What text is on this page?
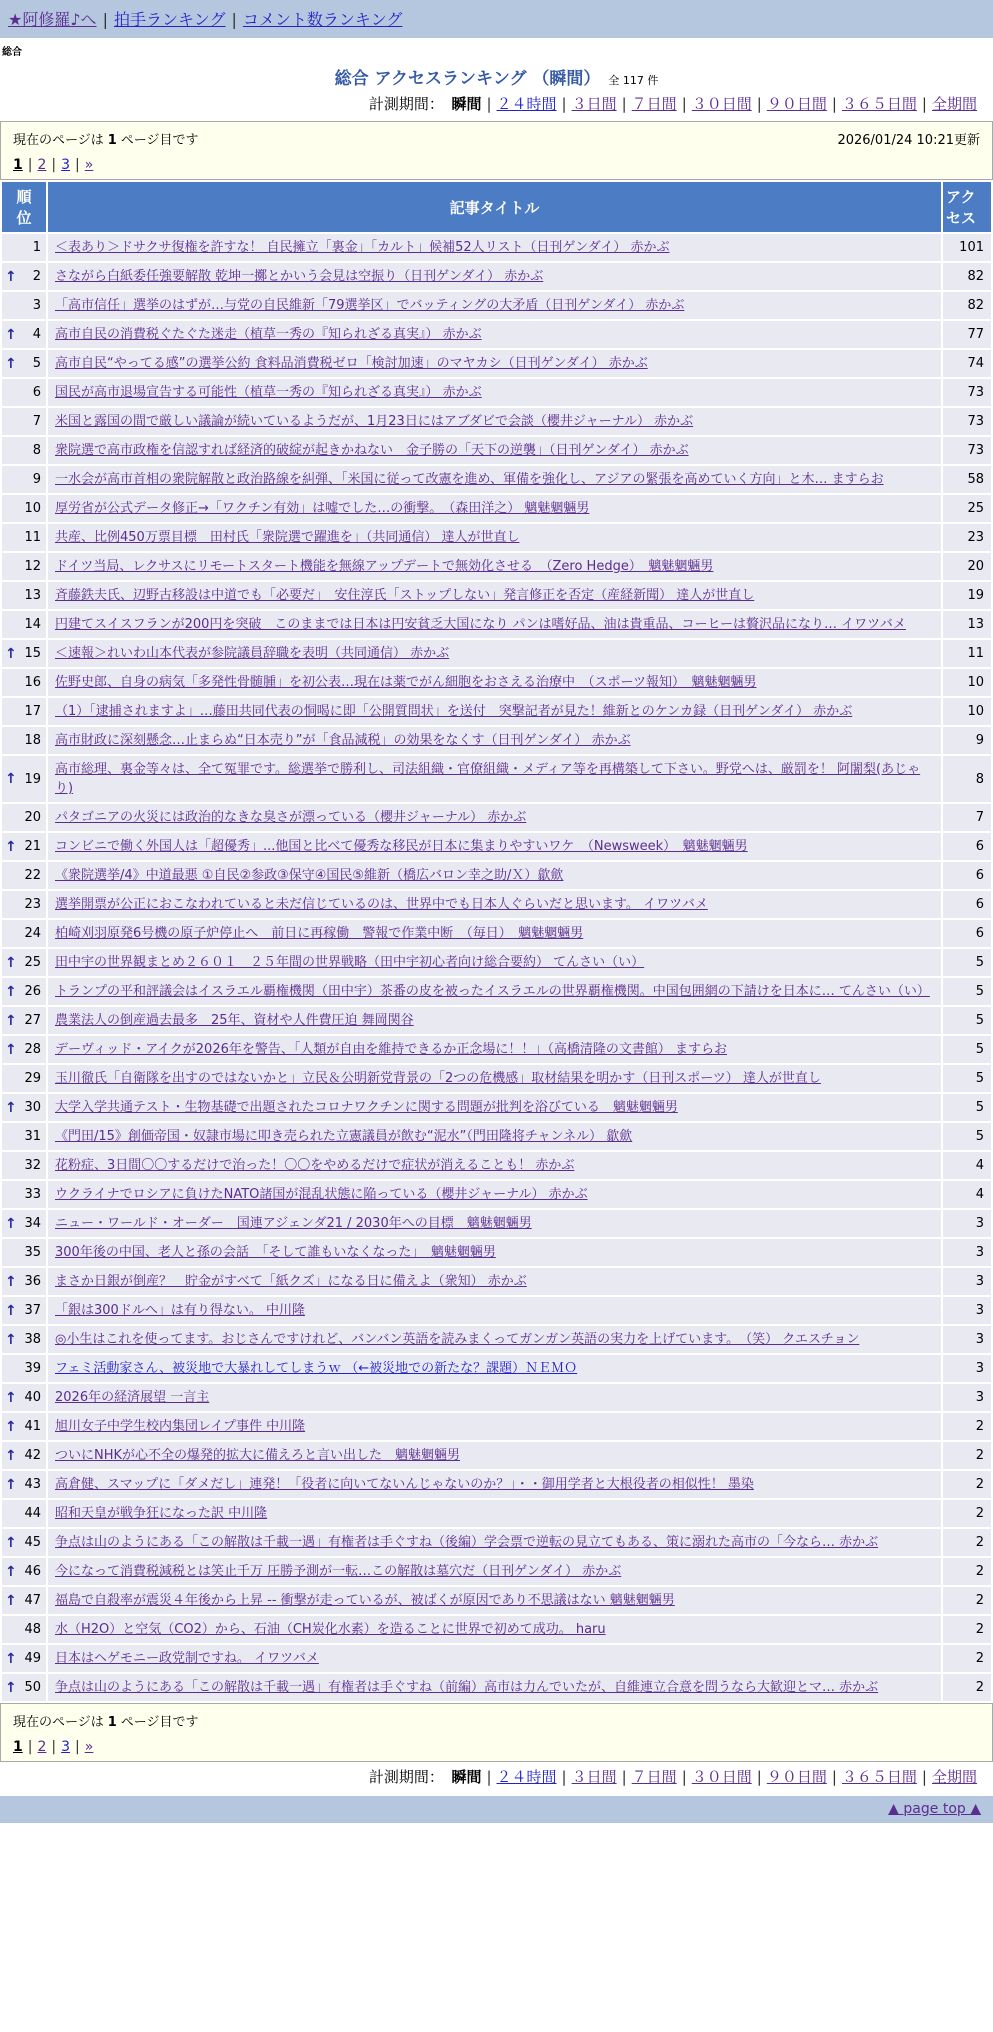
★阿修羅♪へ | 拍手ランキング | コメント数ランキング
総合
総合 アクセスランキング （瞬間） 全 117 件
計測期間：　瞬間 | ２４時間 | ３日間 | ７日間 | ３０日間 | ９０日間 | ３６５日間 | 全期間
現在のページは 1 ページ目です	2026/01/24 10:21更新
1 | 2 | 3 | »
順位	記事タイトル	アクセス
1	＜表あり＞ドサクサ復権を許すな！ 自民擁立「裏金」「カルト」候補52人リスト（日刊ゲンダイ） 赤かぶ	101

↑ 2	さながら白紙委任強要解散 乾坤一擲とかいう会見は空振り（日刊ゲンダイ） 赤かぶ	82
3	「高市信任」選挙のはずが…与党の自民維新「79選挙区」でバッティングの大矛盾（日刊ゲンダイ） 赤かぶ	82

↑ 4	高市自民の消費税ぐたぐた迷走（植草一秀の『知られざる真実』） 赤かぶ	77

↑ 5	高市自民“やってる感”の選挙公約 食料品消費税ゼロ「検討加速」のマヤカシ（日刊ゲンダイ） 赤かぶ	74
6	国民が高市退場宣告する可能性（植草一秀の『知られざる真実』） 赤かぶ	73
7	米国と露国の間で厳しい議論が続いているようだが、1月23日にはアブダビで会談（櫻井ジャーナル） 赤かぶ	73
8	衆院選で高市政権を信認すれば経済的破綻が起きかねない　金子勝の「天下の逆襲」（日刊ゲンダイ） 赤かぶ	73
9	一水会が高市首相の衆院解散と政治路線を糾弾、「米国に従って改憲を進め、軍備を強化し、アジアの緊張を高めていく方向」と木… ますらお	58
10	厚労省が公式データ修正→「ワクチン有効」は嘘でした…の衝撃。　（森田洋之） 魑魅魍魎男	25
11	共産、比例450万票目標　田村氏「衆院選で躍進を」（共同通信） 達人が世直し	23
12	ドイツ当局、レクサスにリモートスタート機能を無線アップデートで無効化させる　（Zero Hedge）　魑魅魍魎男	20
13	斉藤鉄夫氏、辺野古移設は中道でも「必要だ」　安住淳氏「ストップしない」発言修正を否定（産経新聞） 達人が世直し	19
14	円建てスイスフランが200円を突破　このままでは日本は円安貧乏大国になり パンは嗜好品、油は貴重品、コーヒーは贅沢品になり… イワツバメ	13

↑ 15	＜速報＞れいわ山本代表が参院議員辞職を表明（共同通信） 赤かぶ	11
16	佐野史郎、自身の病気「多発性骨髄腫」を初公表…現在は薬でがん細胞をおさえる治療中　（スポーツ報知）　魑魅魍魎男	10
17	（1）「逮捕されますよ」…藤田共同代表の恫喝に即「公開質問状」を送付　突撃記者が見た！維新とのケンカ録（日刊ゲンダイ） 赤かぶ	10
18	高市財政に深刻懸念…止まらぬ“日本売り”が「食品減税」の効果をなくす（日刊ゲンダイ） 赤かぶ	9

↑ 19	高市総理、裏金等々は、全て冤罪です。総選挙で勝利し、司法組織・官僚組織・メディア等を再構築して下さい。野党へは、厳罰を！ 阿闍梨(あじゃり)	8
20	パタゴニアの火災には政治的なきな臭さが漂っている（櫻井ジャーナル） 赤かぶ	7

↑ 21	コンビニで働く外国人は「超優秀」...他国と比べて優秀な移民が日本に集まりやすいワケ　（Newsweek）　魑魅魍魎男	6
22	《衆院選挙/4》中道最悪 ①自民②参政③保守④国民⑤維新（橋広バロン幸之助/Ｘ）歙歛	6
23	選挙開票が公正におこなわれていると未だ信じているのは、世界中でも日本人ぐらいだと思います。 イワツバメ	6
24	柏崎刈羽原発6号機の原子炉停止へ　前日に再稼働　警報で作業中断　（毎日）　魑魅魍魎男	6

↑ 25	田中宇の世界観まとめ２６０１　２５年間の世界戦略（田中宇初心者向け総合要約） てんさい（い）	5

↑ 26	トランプの平和評議会はイスラエル覇権機関（田中宇）茶番の皮を被ったイスラエルの世界覇権機関。中国包囲網の下請けを日本に… てんさい（い）	5

↑ 27	農業法人の倒産過去最多　25年、資材や人件費圧迫 舞岡関谷	5

↑ 28	デーヴィッド・アイクが2026年を警告、「人類が自由を維持できるか正念場に！！」（高橋清隆の文書館） ますらお	5
29	玉川徹氏「自衛隊を出すのではないかと」立民＆公明新党背景の「2つの危機感」取材結果を明かす（日刊スポーツ） 達人が世直し	5

↑ 30	大学入学共通テスト・生物基礎で出題されたコロナワクチンに関する問題が批判を浴びている　魑魅魍魎男	5
31	《門田/15》創価帝国・奴隷市場に叩き売られた立憲議員が飲む“泥水”（門田隆将チャンネル） 歙歛	5
32	花粉症、3日間〇〇するだけで治った！〇〇をやめるだけで症状が消えることも！ 赤かぶ	4
33	ウクライナでロシアに負けたNATO諸国が混乱状態に陥っている（櫻井ジャーナル） 赤かぶ	4

↑ 34	ニュー・ワールド・オーダー　国連アジェンダ21 / 2030年への目標　魑魅魍魎男	3
35	300年後の中国、老人と孫の会話　「そして誰もいなくなった」　魑魅魍魎男	3

↑ 36	まさか日銀が倒産？　貯金がすべて「紙クズ」になる日に備えよ（衆知） 赤かぶ	3

↑ 37	「銀は300ドルへ」は有り得ない。 中川隆	3

↑ 38	◎小生はこれを使ってます。おじさんですけれど、バンバン英語を読みまくってガンガン英語の実力を上げています。　（笑） クエスチョン	3
39	フェミ活動家さん、被災地で大暴れしてしまうｗ （←被災地での新たな？課題）ＮＥＭＯ	3

↑ 40	2026年の経済展望 一言主	3

↑ 41	旭川女子中学生校内集団レイプ事件 中川隆	2

↑ 42	ついにNHKが心不全の爆発的拡大に備えろと言い出した　魑魅魍魎男	2

↑ 43	高倉健、スマップに「ダメだし」連発！「役者に向いてないんじゃないのか？」・・御用学者と大根役者の相似性！ 墨染	2
44	昭和天皇が戦争狂になった訳 中川隆	2

↑ 45	争点は山のようにある「この解散は千載一遇」有権者は手ぐすね（後編）学会票で逆転の見立てもある、策に溺れた高市の「今なら… 赤かぶ	2

↑ 46	今になって消費税減税とは笑止千万 圧勝予測が一転…この解散は墓穴だ（日刊ゲンダイ） 赤かぶ	2

↑ 47	福島で自殺率が震災４年後から上昇 -- 衝撃が走っているが、被ばくが原因であり不思議はない 魑魅魍魎男	2
48	水（H2O）と空気（CO2）から、石油（CH炭化水素）を造ることに世界で初めて成功。 haru	2

↑ 49	日本はヘゲモニー政党制ですね。 イワツバメ	2

↑ 50	争点は山のようにある「この解散は千載一遇」有権者は手ぐすね（前編）高市は力んでいたが、自維連立合意を問うなら大歓迎とマ… 赤かぶ	2
現在のページは 1 ページ目です
1 | 2 | 3 | »
計測期間：　瞬間 | ２４時間 | ３日間 | ７日間 | ３０日間 | ９０日間 | ３６５日間 | 全期間
▲ page top ▲
